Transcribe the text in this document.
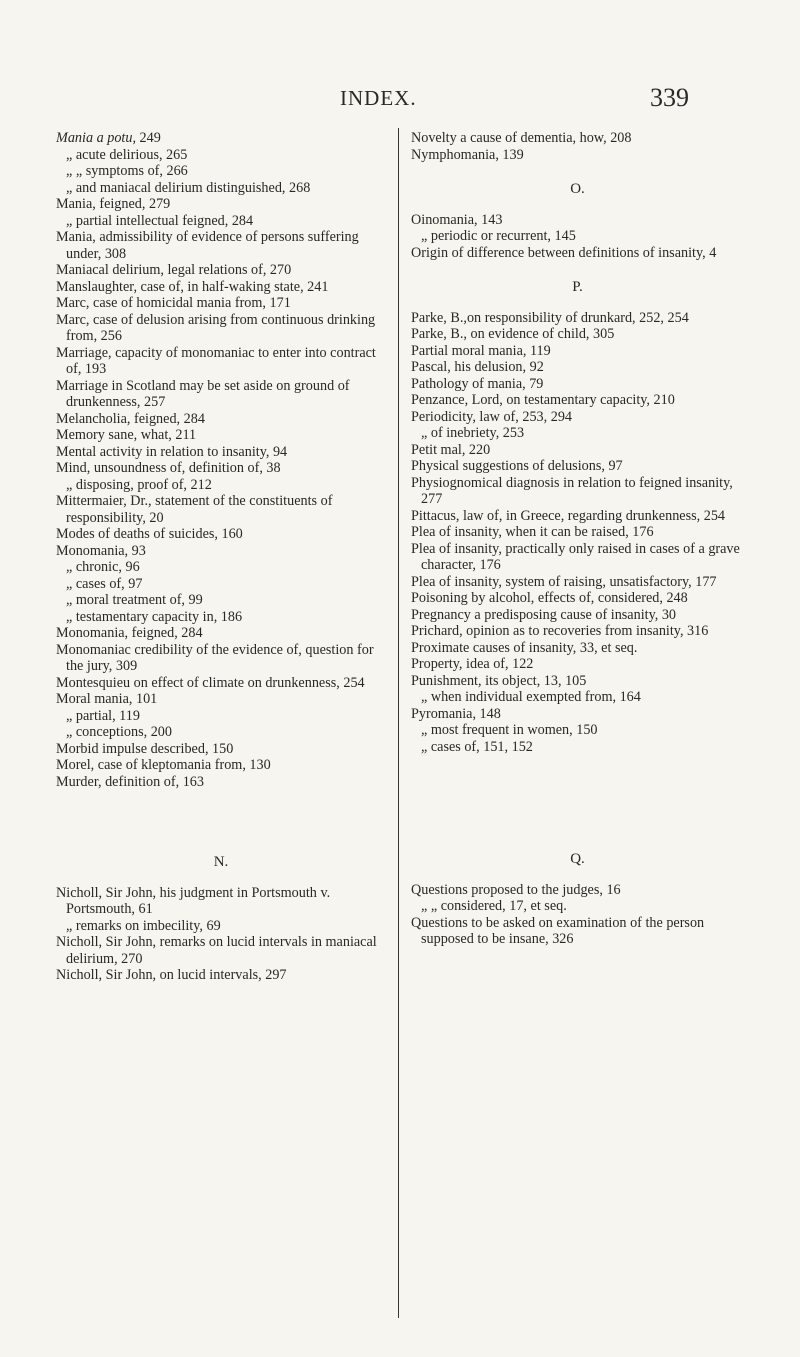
INDEX.	339

Mania a potu, 249

„ acute delirious, 265

„ „ symptoms of, 266

„ and maniacal delirium distinguished, 268

Mania, feigned, 279

„ partial intellectual feigned, 284

Mania, admissibility of evidence of persons suffering under, 308

Maniacal delirium, legal relations of, 270

Manslaughter, case of, in half-waking state, 241

Marc, case of homicidal mania from, 171

Marc, case of delusion arising from continuous drinking from, 256

Marriage, capacity of monomaniac to enter into contract of, 193

Marriage in Scotland may be set aside on ground of drunkenness, 257

Melancholia, feigned, 284

Memory sane, what, 211

Mental activity in relation to insanity, 94

Mind, unsoundness of, definition of, 38

„ disposing, proof of, 212

Mittermaier, Dr., statement of the constituents of responsibility, 20

Modes of deaths of suicides, 160

Monomania, 93

„ chronic, 96

„ cases of, 97

„ moral treatment of, 99

„ testamentary capacity in, 186

Monomania, feigned, 284

Monomaniac credibility of the evidence of, question for the jury, 309

Montesquieu on effect of climate on drunkenness, 254

Moral mania, 101

„ partial, 119

„ conceptions, 200

Morbid impulse described, 150

Morel, case of kleptomania from, 130

Murder, definition of, 163

N.

Nicholl, Sir John, his judgment in Portsmouth v. Portsmouth, 61

„ remarks on imbecility, 69

Nicholl, Sir John, remarks on lucid intervals in maniacal delirium, 270

Nicholl, Sir John, on lucid intervals, 297

Novelty a cause of dementia, how, 208

Nymphomania, 139

O.

Oinomania, 143

„ periodic or recurrent, 145

Origin of difference between definitions of insanity, 4

P.

Parke, B.,on responsibility of drunkard, 252, 254

Parke, B., on evidence of child, 305

Partial moral mania, 119

Pascal, his delusion, 92

Pathology of mania, 79

Penzance, Lord, on testamentary capacity, 210

Periodicity, law of, 253, 294

„ of inebriety, 253

Petit mal, 220

Physical suggestions of delusions, 97

Physiognomical diagnosis in relation to feigned insanity, 277

Pittacus, law of, in Greece, regarding drunkenness, 254

Plea of insanity, when it can be raised, 176

Plea of insanity, practically only raised in cases of a grave character, 176

Plea of insanity, system of raising, unsatisfactory, 177

Poisoning by alcohol, effects of, considered, 248

Pregnancy a predisposing cause of insanity, 30

Prichard, opinion as to recoveries from insanity, 316

Proximate causes of insanity, 33, et seq.

Property, idea of, 122

Punishment, its object, 13, 105

„ when individual exempted from, 164

Pyromania, 148

„ most frequent in women, 150

„ cases of, 151, 152

Q.

Questions proposed to the judges, 16

„ „ considered, 17, et seq.

Questions to be asked on examination of the person supposed to be insane, 326
